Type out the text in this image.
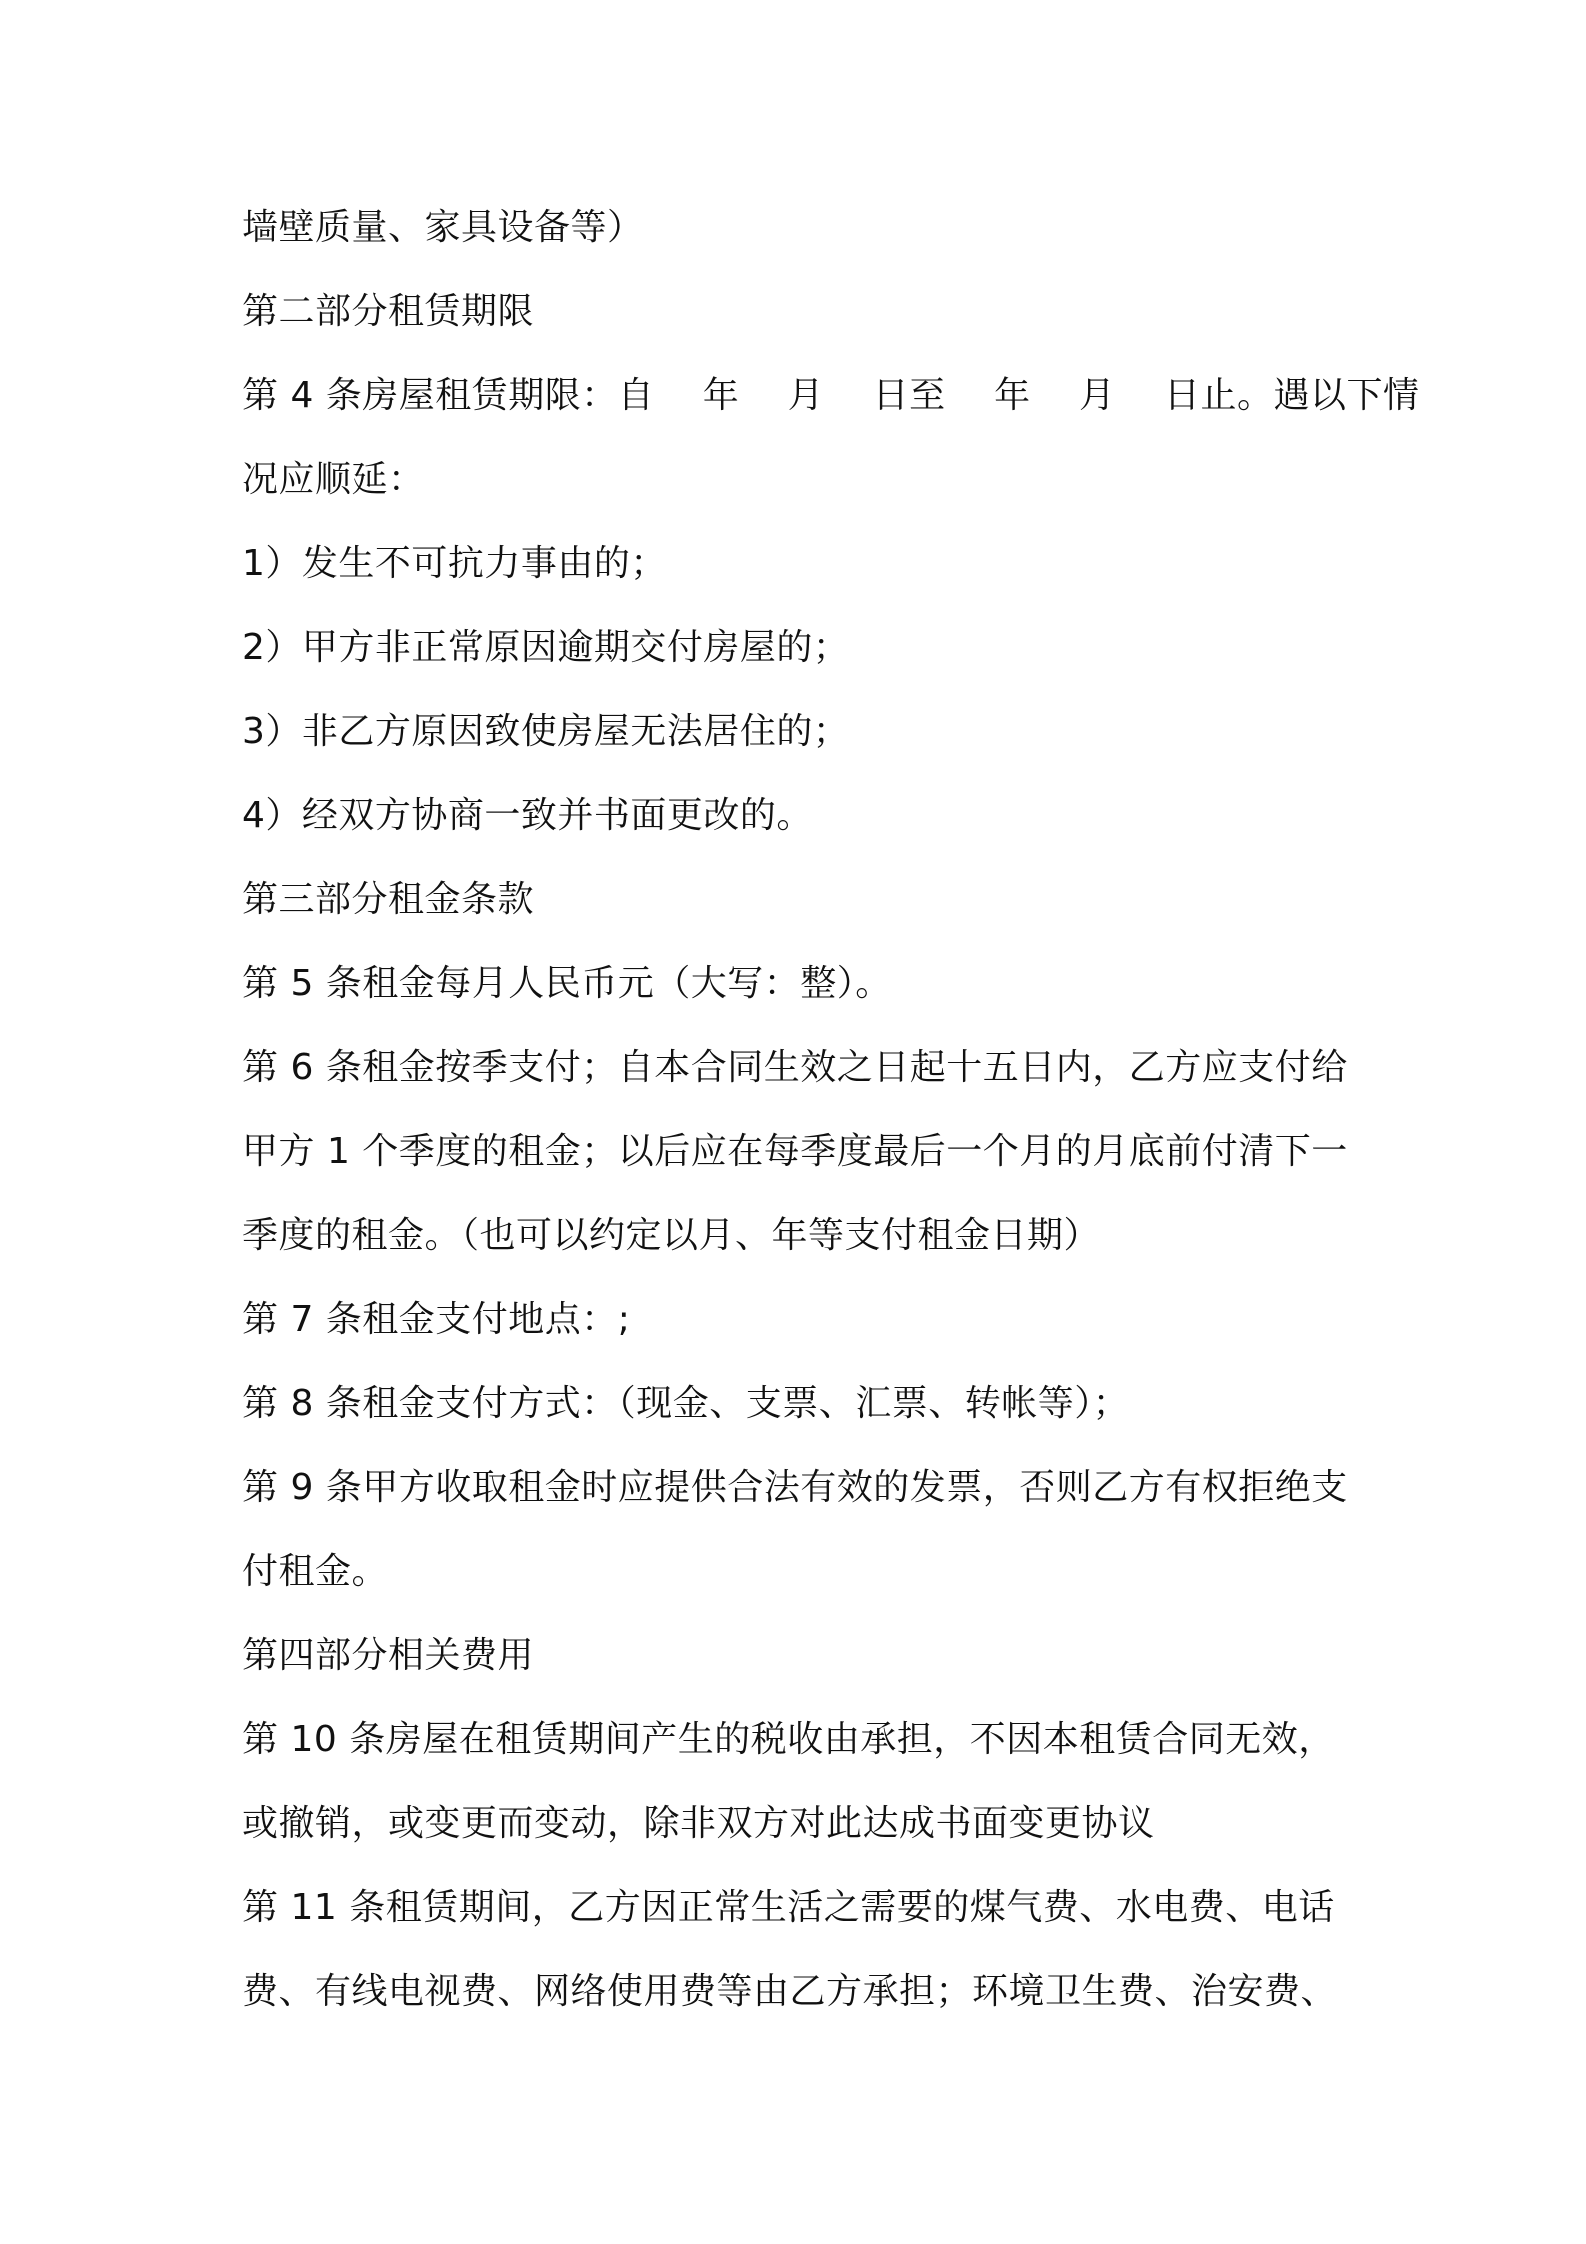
墙壁质量、家具设备等）
第二部分租赁期限
第 4 条房屋租赁期限：自　 年　 月　 日至　 年　 月　 日止。遇以下情
况应顺延：
1）发生不可抗力事由的；
2）甲方非正常原因逾期交付房屋的；
3）非乙方原因致使房屋无法居住的；
4）经双方协商一致并书面更改的。
第三部分租金条款
第 5 条租金每月人民币元（大写：整）。
第 6 条租金按季支付；自本合同生效之日起十五日内，乙方应支付给
甲方 1 个季度的租金；以后应在每季度最后一个月的月底前付清下一
季度的租金。（也可以约定以月、年等支付租金日期）
第 7 条租金支付地点：;
第 8 条租金支付方式：（现金、支票、汇票、转帐等）；
第 9 条甲方收取租金时应提供合法有效的发票，否则乙方有权拒绝支
付租金。
第四部分相关费用
第 10 条房屋在租赁期间产生的税收由承担，不因本租赁合同无效，
或撤销，或变更而变动，除非双方对此达成书面变更协议
第 11 条租赁期间，乙方因正常生活之需要的煤气费、水电费、电话
费、有线电视费、网络使用费等由乙方承担；环境卫生费、治安费、
